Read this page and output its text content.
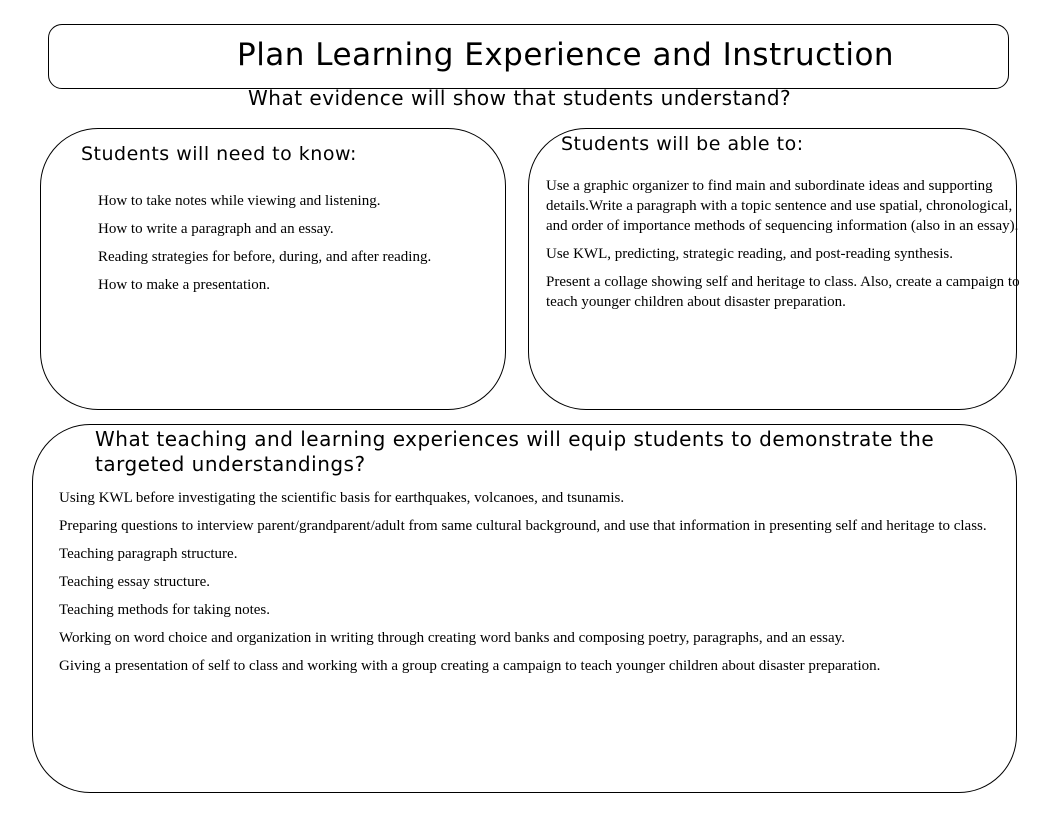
Plan Learning Experience and Instruction
What evidence will show that students understand?
Students will need to know:

How to take notes while viewing and listening.

How to write a paragraph and an essay.

Reading strategies for before, during, and after reading.

How to make a presentation.

Students will be able to:

Use a graphic organizer to find main and subordinate ideas and supporting details.Write a paragraph with a topic sentence and use spatial, chronological, and order of importance methods of sequencing information (also in an essay).

Use KWL, predicting, strategic reading, and post-reading synthesis.

Present a collage showing self and heritage to class. Also, create a campaign to teach younger children about disaster preparation.

What teaching and learning experiences will equip students to demonstrate the targeted understandings?

Using KWL before investigating the scientific basis for earthquakes, volcanoes, and tsunamis.

Preparing questions to interview parent/grandparent/adult from same cultural background, and use that information in presenting self and heritage to class.

Teaching paragraph structure.

Teaching essay structure.

Teaching methods for taking notes.

Working on word choice and organization in writing through creating word banks and composing poetry, paragraphs, and an essay.

Giving a presentation of self to class and working with a group creating a campaign to teach younger children about disaster preparation.
